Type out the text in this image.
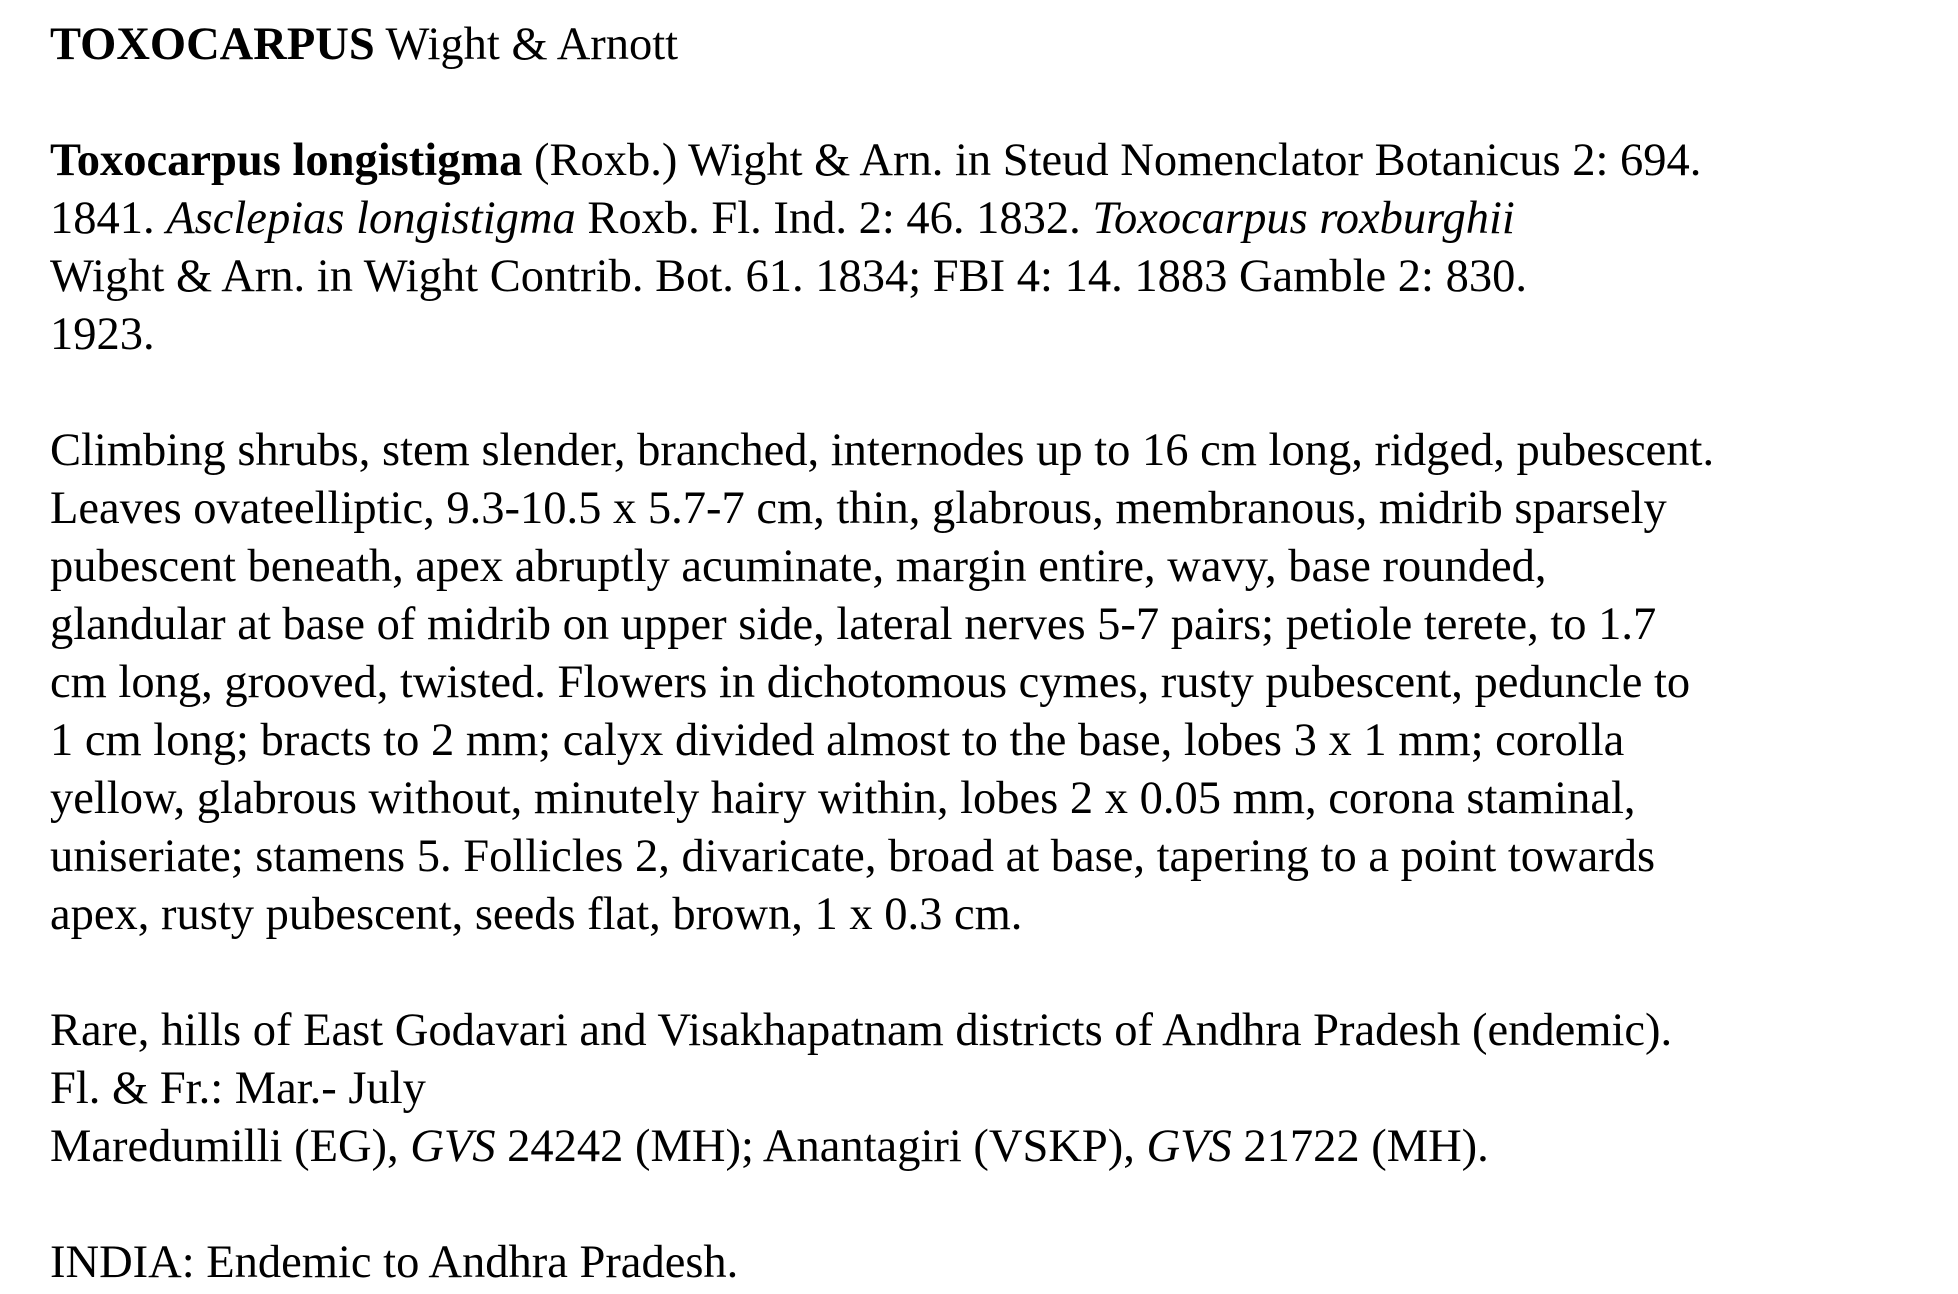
TOXOCARPUS Wight & Arnott
Toxocarpus longistigma (Roxb.) Wight & Arn. in Steud Nomenclator Botanicus 2: 694.
1841. Asclepias longistigma Roxb. Fl. Ind. 2: 46. 1832. Toxocarpus roxburghii
Wight & Arn. in Wight Contrib. Bot. 61. 1834; FBI 4: 14. 1883 Gamble 2: 830.
1923.
Climbing shrubs, stem slender, branched, internodes up to 16 cm long, ridged, pubescent.
Leaves ovateelliptic, 9.3-10.5 x 5.7-7 cm, thin, glabrous, membranous, midrib sparsely
pubescent beneath, apex abruptly acuminate, margin entire, wavy, base rounded,
glandular at base of midrib on upper side, lateral nerves 5-7 pairs; petiole terete, to 1.7
cm long, grooved, twisted. Flowers in dichotomous cymes, rusty pubescent, peduncle to
1 cm long; bracts to 2 mm; calyx divided almost to the base, lobes 3 x 1 mm; corolla
yellow, glabrous without, minutely hairy within, lobes 2 x 0.05 mm, corona staminal,
uniseriate; stamens 5. Follicles 2, divaricate, broad at base, tapering to a point towards
apex, rusty pubescent, seeds flat, brown, 1 x 0.3 cm.
Rare, hills of East Godavari and Visakhapatnam districts of Andhra Pradesh (endemic).
Fl. & Fr.: Mar.- July
Maredumilli (EG), GVS 24242 (MH); Anantagiri (VSKP), GVS 21722 (MH).
INDIA: Endemic to Andhra Pradesh.
